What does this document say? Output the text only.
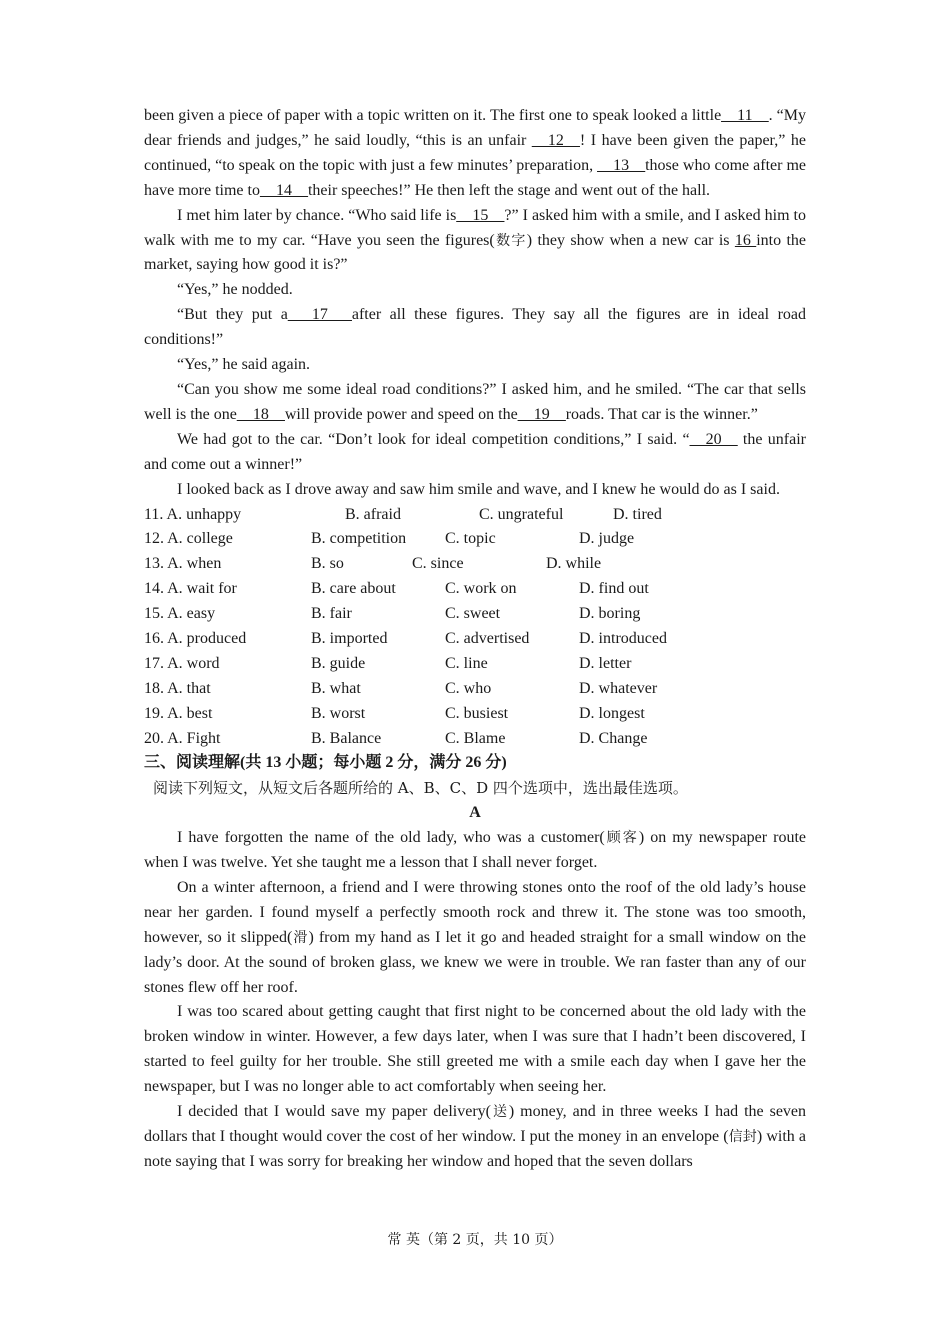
been given a piece of paper with a topic written on it. The first one to speak looked a little__11__. “My dear friends and judges,” he said loudly, “this is an unfair __12__! I have been given the paper,” he continued, “to speak on the topic with just a few minutes’ preparation, __13__those who come after me have more time to__14__their speeches!” He then left the stage and went out of the hall.

I met him later by chance. “Who said life is__15__?” I asked him with a smile, and I asked him to walk with me to my car. “Have you seen the figures(数字) they show when a new car is 16 into the market, saying how good it is?”

“Yes,” he nodded.

“But they put a___17___after all these figures. They say all the figures are in ideal road conditions!”

“Yes,” he said again.

“Can you show me some ideal road conditions?” I asked him, and he smiled. “The car that sells well is the one__18__will provide power and speed on the__19__roads. That car is the winner.”

We had got to the car. “Don’t look for ideal competition conditions,” I said. “__20__ the unfair and come out a winner!”

I looked back as I drove away and saw him smile and wave, and I knew he would do as I said.

11. A. unhappy	B. afraid	C. ungrateful	D. tired
12. A. college	B. competition C. topic	D. judge
13. A. when	B. so	C. since	D. while
14. A. wait for	B. care about	C. work on	D. find out
15. A. easy	B. fair	C. sweet	D. boring
16. A. produced	B. imported	C. advertised	D. introduced
17. A. word	B. guide	C. line	D. letter
18. A. that	B. what	C. who	D. whatever
19. A. best	B. worst	C. busiest	D. longest
20. A. Fight	B. Balance	C. Blame	D. Change

三、阅读理解(共 13 小题；每小题 2 分，满分 26 分)

阅读下列短文，从短文后各题所给的 A、B、C、D 四个选项中，选出最佳选项。

A

I have forgotten the name of the old lady, who was a customer(顾客) on my newspaper route when I was twelve. Yet she taught me a lesson that I shall never forget.

On a winter afternoon, a friend and I were throwing stones onto the roof of the old lady’s house near her garden. I found myself a perfectly smooth rock and threw it. The stone was too smooth, however, so it slipped(滑) from my hand as I let it go and headed straight for a small window on the lady’s door. At the sound of broken glass, we knew we were in trouble. We ran faster than any of our stones flew off her roof.

I was too scared about getting caught that first night to be concerned about the old lady with the broken window in winter. However, a few days later, when I was sure that I hadn’t been discovered, I started to feel guilty for her trouble. She still greeted me with a smile each day when I gave her the newspaper, but I was no longer able to act comfortably when seeing her.

I decided that I would save my paper delivery(送) money, and in three weeks I had the seven dollars that I thought would cover the cost of her window. I put the money in an envelope (信封) with a note saying that I was sorry for breaking her window and hoped that the seven dollars

常 英（第 2 页，共 10 页）
